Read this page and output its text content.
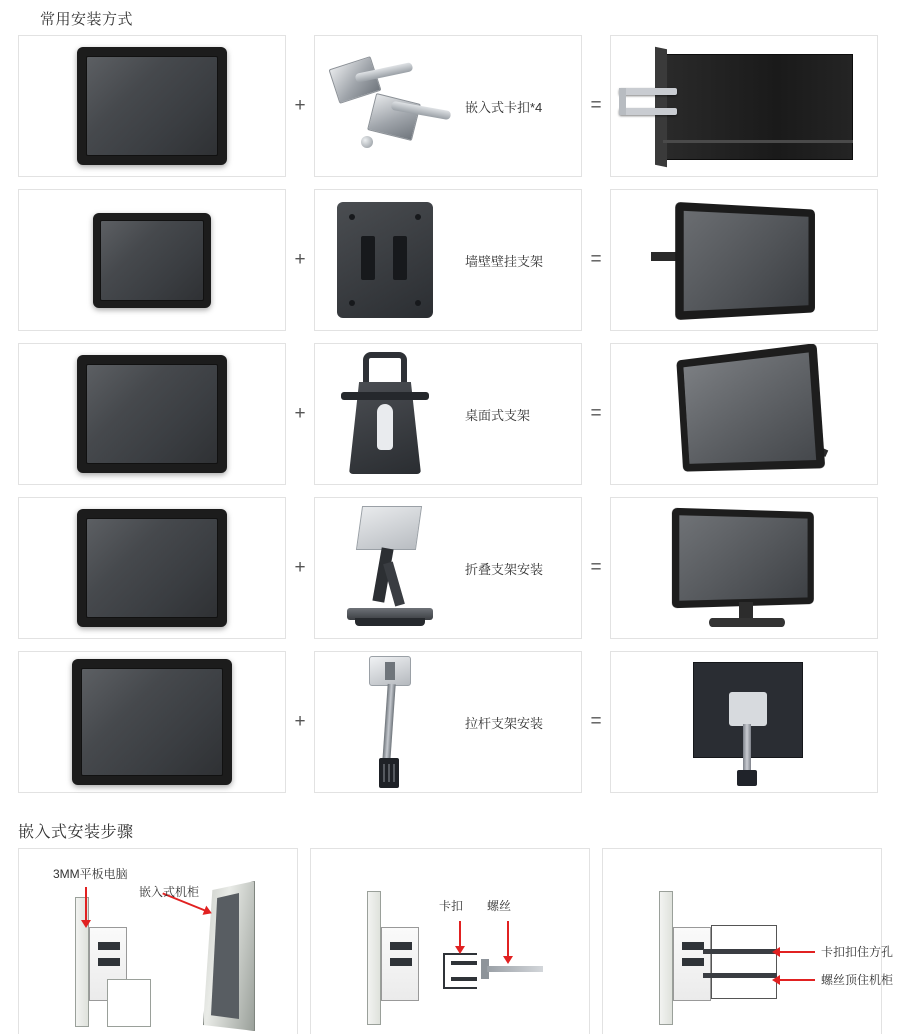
常用安装方式
+	嵌入式卡扣*4	=
+	墙壁壁挂支架	=
+	桌面式支架	=
+	折叠支架安装	=
+	拉杆支架安装	=
嵌入式安装步骤
3MM平板电脑
嵌入式机柜
卡扣 螺丝
卡扣扣住方孔
螺丝顶住机柜
